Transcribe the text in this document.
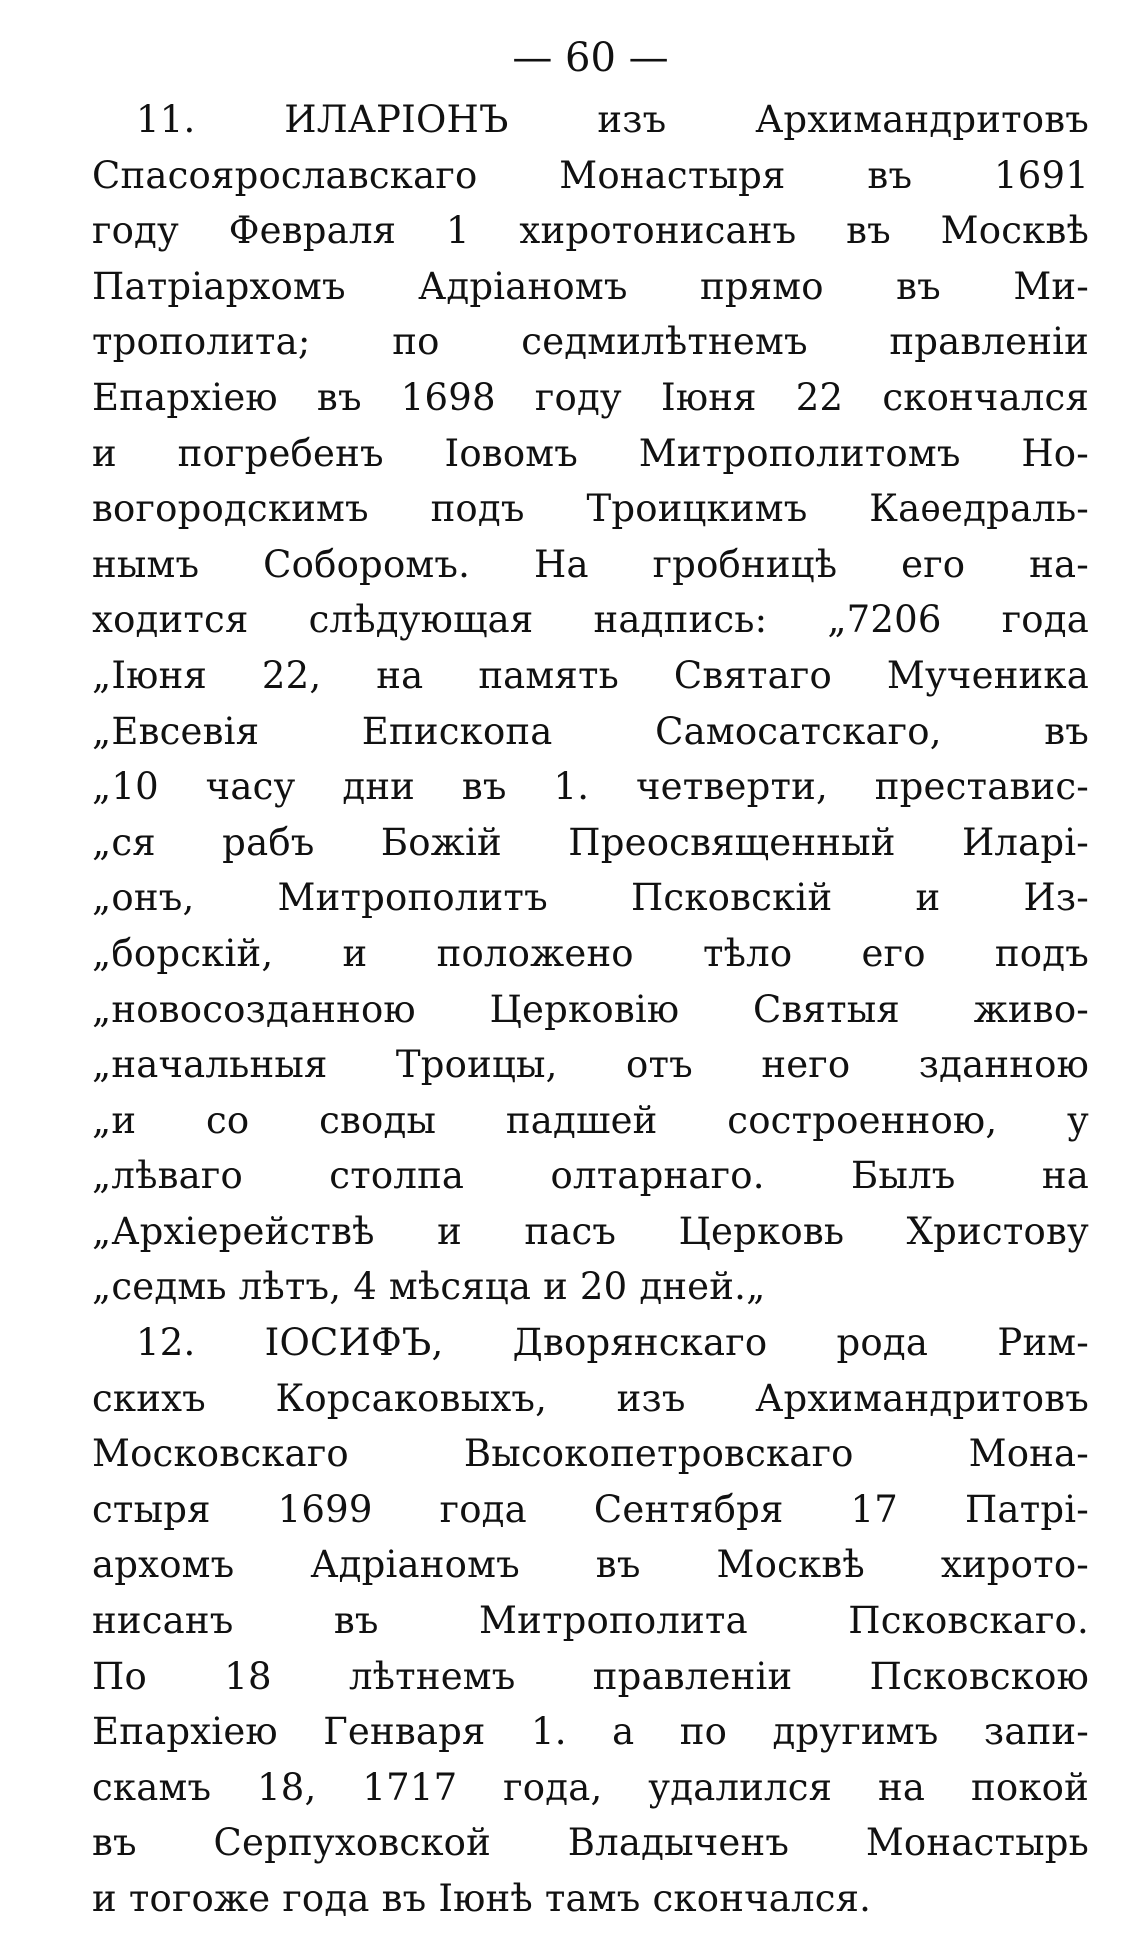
— 60 —
11. ИЛАРІОНЪ изъ Архимандритовъ
Спасоярославскаго Монастыря въ 1691
году Февраля 1 хиротонисанъ въ Москвѣ
Патріархомъ Адріаномъ прямо въ Ми-
трополита; по седмилѣтнемъ правленіи
Епархіею въ 1698 году Іюня 22 скончался
и погребенъ Іовомъ Митрополитомъ Но-
вогородскимъ подъ Троицкимъ Каѳедраль-
нымъ Соборомъ. На гробницѣ его на-
ходится слѣдующая надпись: „7206 года
„Іюня 22, на память Святаго Мученика
„Евсевія Епископа Самосатскаго, въ
„10 часу дни въ 1. четверти, преставис-
„ся рабъ Божій Преосвященный Иларі-
„онъ, Митрополитъ Псковскій и Из-
„борскій, и положено тѣло его подъ
„новосозданною Церковію Святыя живо-
„начальныя Троицы, отъ него зданною
„и со своды падшей состроенною, у
„лѣваго столпа олтарнаго. Былъ на
„Архіерействѣ и пасъ Церковь Христову
„седмь лѣтъ, 4 мѣсяца и 20 дней.„
12. ІОСИФЪ, Дворянскаго рода Рим-
скихъ Корсаковыхъ, изъ Архимандритовъ
Московскаго Высокопетровскаго Мона-
стыря 1699 года Сентября 17 Патрі-
архомъ Адріаномъ въ Москвѣ хирото-
нисанъ въ Митрополита Псковскаго.
По 18 лѣтнемъ правленіи Псковскою
Епархіею Генваря 1. а по другимъ запи-
скамъ 18, 1717 года, удалился на покой
въ Серпуховской Владыченъ Монастырь
и тогоже года въ Іюнѣ тамъ скончался.
